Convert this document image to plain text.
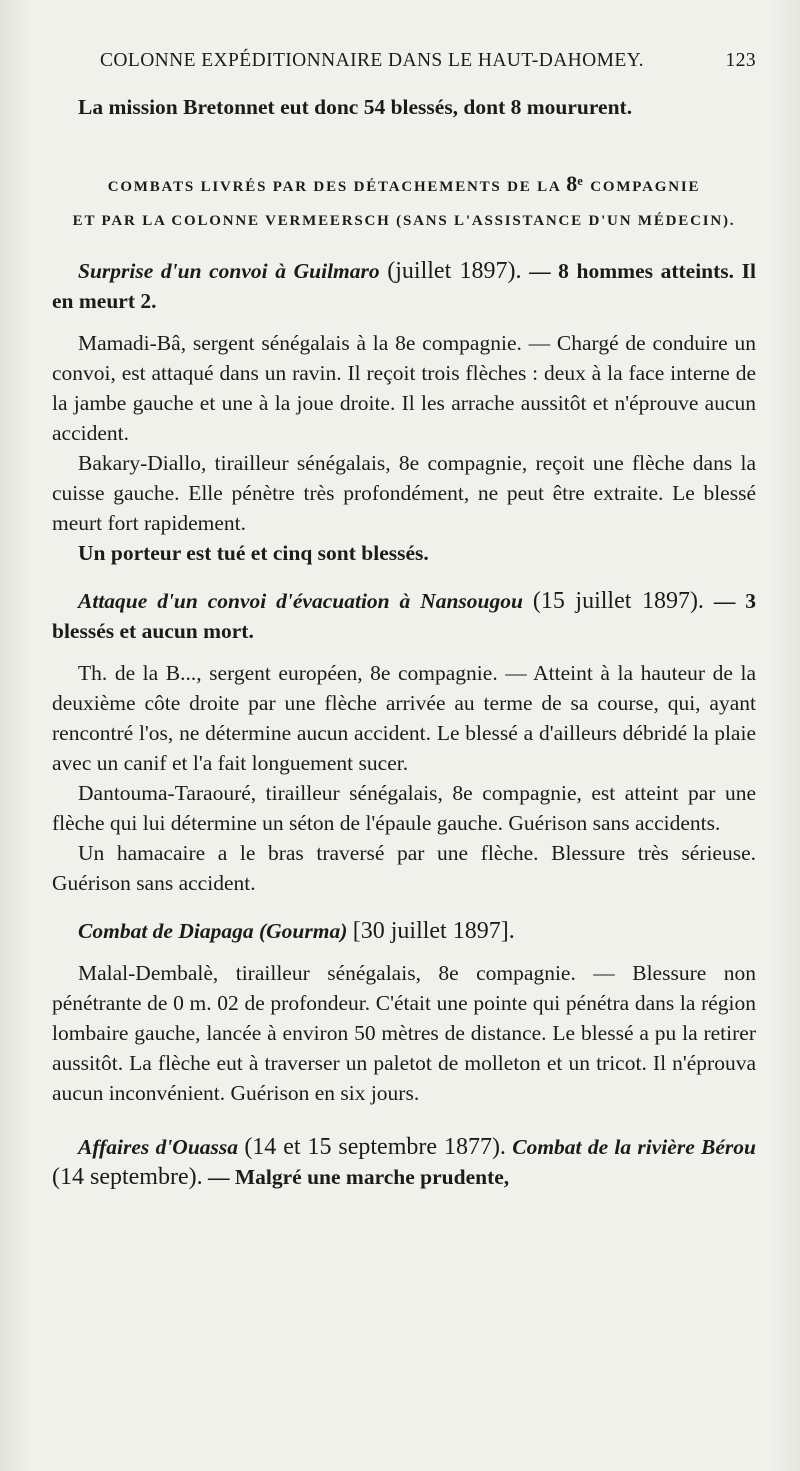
COLONNE EXPÉDITIONNAIRE DANS LE HAUT-DAHOMEY.	123

La mission Bretonnet eut donc 54 blessés, dont 8 moururent.

COMBATS LIVRÉS PAR DES DÉTACHEMENTS DE LA 8e COMPAGNIE
ET PAR LA COLONNE VERMEERSCH (SANS L'ASSISTANCE D'UN MÉDECIN).

Surprise d'un convoi à Guilmaro (juillet 1897). — 8 hommes atteints. Il en meurt 2.

Mamadi-Bâ, sergent sénégalais à la 8e compagnie. — Chargé de conduire un convoi, est attaqué dans un ravin. Il reçoit trois flèches : deux à la face interne de la jambe gauche et une à la joue droite. Il les arrache aussitôt et n'éprouve aucun accident.

Bakary-Diallo, tirailleur sénégalais, 8e compagnie, reçoit une flèche dans la cuisse gauche. Elle pénètre très profondément, ne peut être extraite. Le blessé meurt fort rapidement.

Un porteur est tué et cinq sont blessés.

Attaque d'un convoi d'évacuation à Nansougou (15 juillet 1897). — 3 blessés et aucun mort.

Th. de la B..., sergent européen, 8e compagnie. — Atteint à la hauteur de la deuxième côte droite par une flèche arrivée au terme de sa course, qui, ayant rencontré l'os, ne détermine aucun accident. Le blessé a d'ailleurs débridé la plaie avec un canif et l'a fait longuement sucer.

Dantouma-Taraouré, tirailleur sénégalais, 8e compagnie, est atteint par une flèche qui lui détermine un séton de l'épaule gauche. Guérison sans accidents.

Un hamacaire a le bras traversé par une flèche. Blessure très sérieuse. Guérison sans accident.

Combat de Diapaga (Gourma) [30 juillet 1897].

Malal-Dembalè, tirailleur sénégalais, 8e compagnie. — Blessure non pénétrante de 0 m. 02 de profondeur. C'était une pointe qui pénétra dans la région lombaire gauche, lancée à environ 50 mètres de distance. Le blessé a pu la retirer aussitôt. La flèche eut à traverser un paletot de molleton et un tricot. Il n'éprouva aucun inconvénient. Guérison en six jours.

Affaires d'Ouassa (14 et 15 septembre 1877). Combat de la rivière Bérou (14 septembre). — Malgré une marche prudente,
